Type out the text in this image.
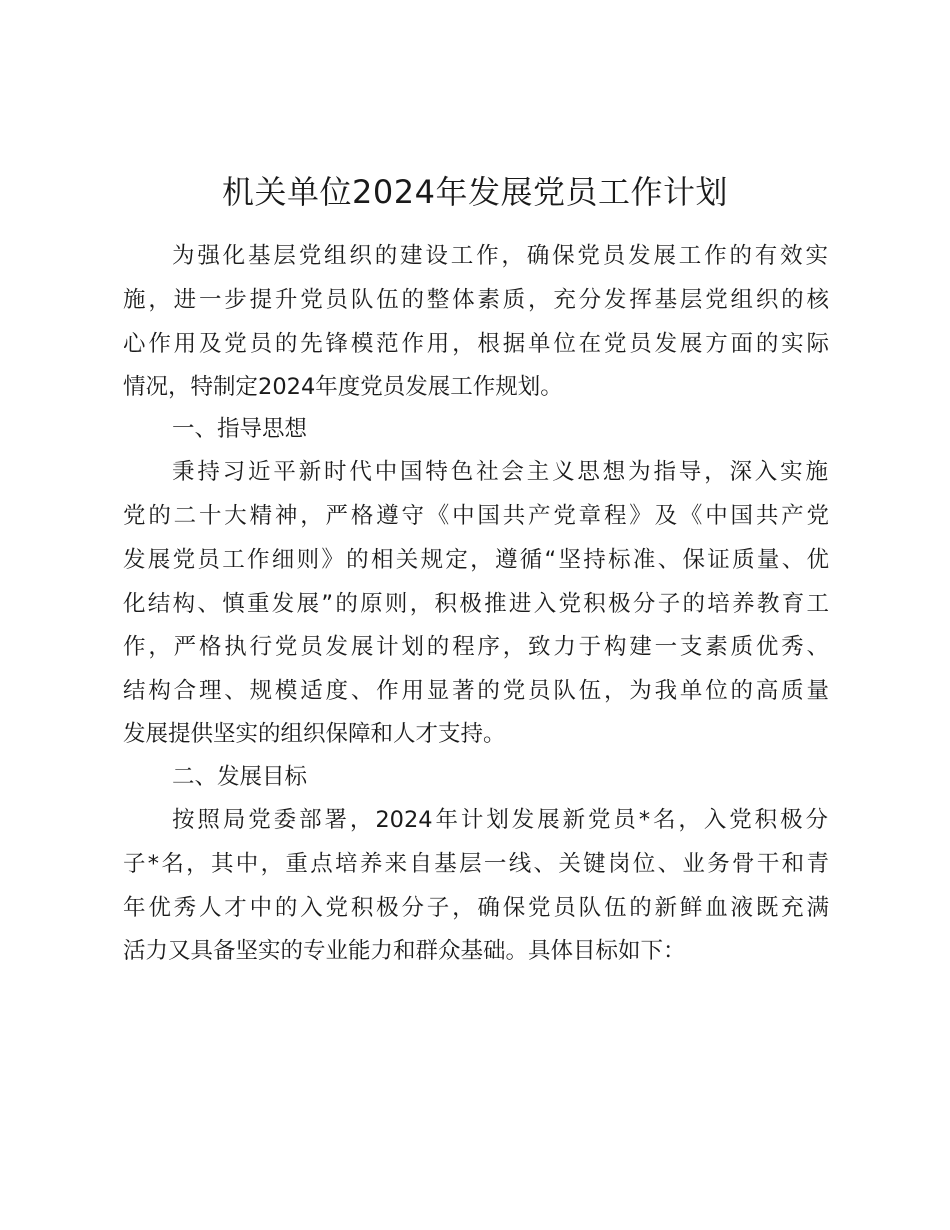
机关单位2024年发展党员工作计划
为强化基层党组织的建设工作，确保党员发展工作的有效实
施，进一步提升党员队伍的整体素质，充分发挥基层党组织的核
心作用及党员的先锋模范作用，根据单位在党员发展方面的实际
情况，特制定2024年度党员发展工作规划。
一、指导思想
秉持习近平新时代中国特色社会主义思想为指导，深入实施
党的二十大精神，严格遵守《中国共产党章程》及《中国共产党
发展党员工作细则》的相关规定，遵循“坚持标准、保证质量、优
化结构、慎重发展”的原则，积极推进入党积极分子的培养教育工
作，严格执行党员发展计划的程序，致力于构建一支素质优秀、
结构合理、规模适度、作用显著的党员队伍，为我单位的高质量
发展提供坚实的组织保障和人才支持。
二、发展目标
按照局党委部署，2024年计划发展新党员*名，入党积极分
子*名，其中，重点培养来自基层一线、关键岗位、业务骨干和青
年优秀人才中的入党积极分子，确保党员队伍的新鲜血液既充满
活力又具备坚实的专业能力和群众基础。具体目标如下：
